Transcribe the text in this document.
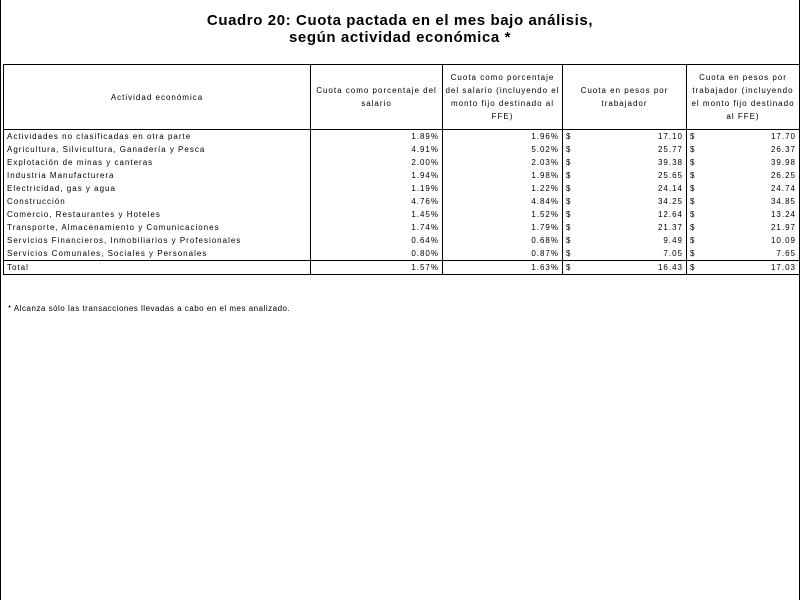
Cuadro 20: Cuota pactada en el mes bajo análisis,
según actividad económica *
Actividad económica	Cuota como porcentaje del salario	Cuota como porcentaje del salario (incluyendo el monto fijo destinado al FFE)	Cuota en pesos por trabajador	Cuota en pesos por trabajador (incluyendo el monto fijo destinado al FFE)
Actividades no clasificadas en otra parte	1.89%	1.96%	$ 17.10	$ 17.70

Agricultura, Silvicultura, Ganadería y Pesca	4.91%	5.02%	$ 25.77	$ 26.37

Explotación de minas y canteras	2.00%	2.03%	$ 39.38	$ 39.98

Industria Manufacturera	1.94%	1.98%	$ 25.65	$ 26.25

Electricidad, gas y agua	1.19%	1.22%	$ 24.14	$ 24.74

Construcción	4.76%	4.84%	$ 34.25	$ 34.85

Comercio, Restaurantes y Hoteles	1.45%	1.52%	$ 12.64	$ 13.24

Transporte, Almacenamiento y Comunicaciones	1.74%	1.79%	$ 21.37	$ 21.97

Servicios Financieros, Inmobiliarios y Profesionales	0.64%	0.68%	$ 9.49	$ 10.09

Servicios Comunales, Sociales y Personales	0.80%	0.87%	$ 7.05	$ 7.65

Total	1.57%	1.63%	$ 16.43	$ 17.03
* Alcanza sólo las transacciones llevadas a cabo en el mes analizado.
